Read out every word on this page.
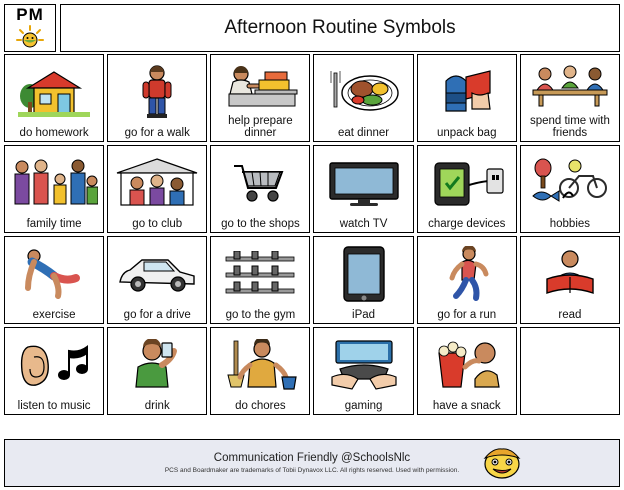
PM
Afternoon Routine Symbols
do homework	go for a walk
help prepare dinner	eat dinner	unpack bag
spend time with friends
family time	go to club	go to the shops	watch TV	charge devices	hobbies
exercise	go for a drive	go to the gym	iPad	go for a run	read
listen to music	drink	do chores	gaming	have a snack
Communication Friendly @SchoolsNlc
PCS and Boardmaker are trademarks of Tobii Dynavox LLC. All rights reserved. Used with permission.
